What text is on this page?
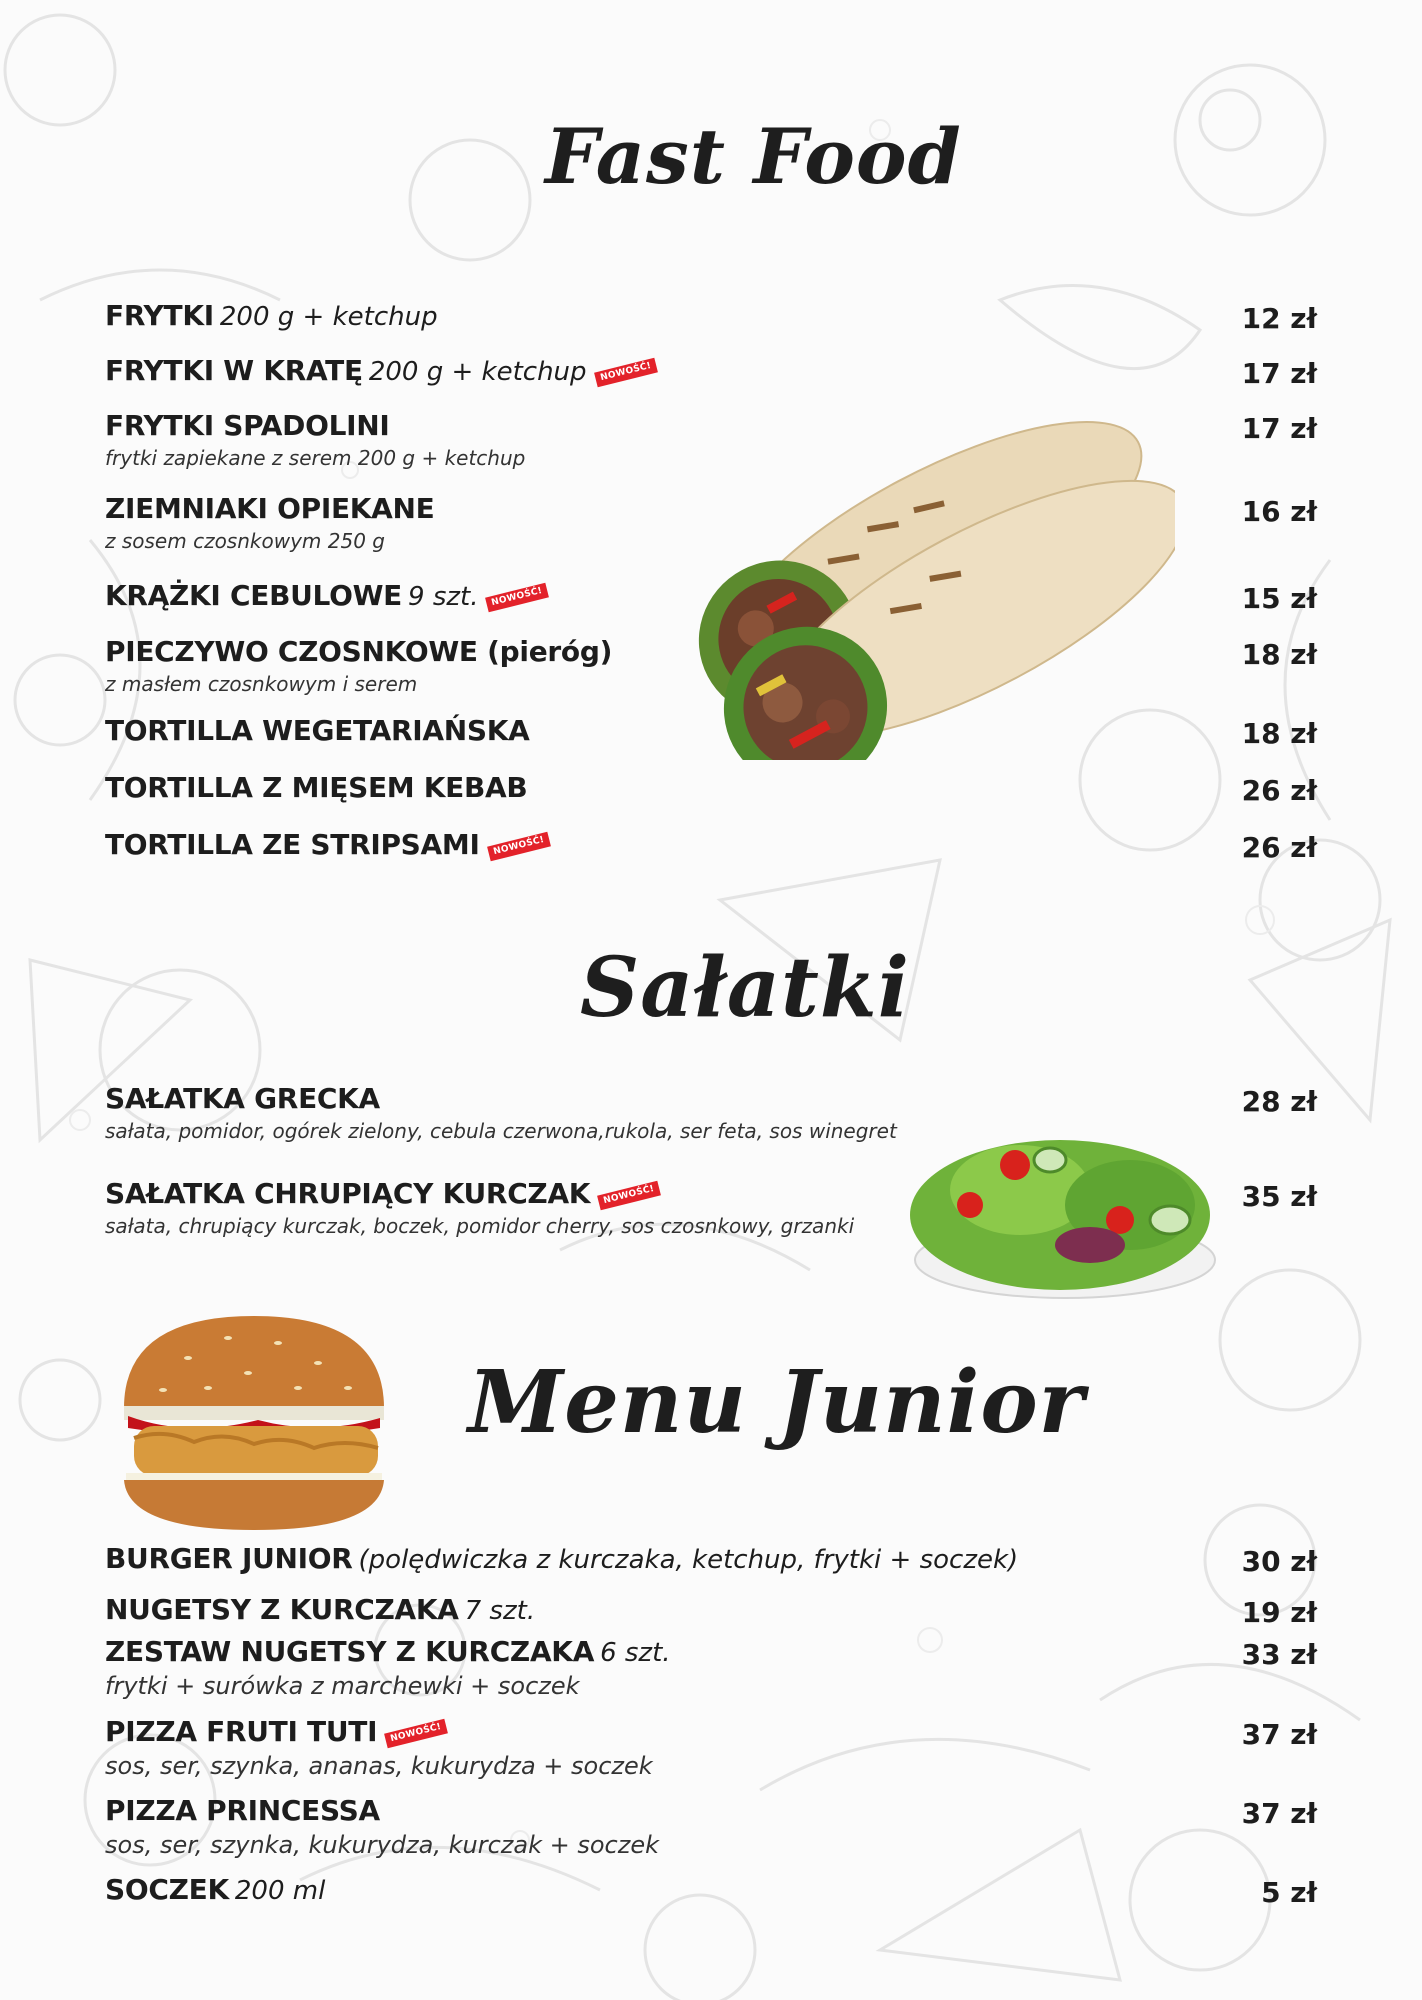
Fast Food
Sałatki
Menu Junior
FRYTKI 200 g + ketchup	12 zł
FRYTKI W KRATĘ 200 g + ketchup NOWOŚĆ!	17 zł
FRYTKI SPADOLINI
frytki zapiekane z serem 200 g + ketchup
17 zł
ZIEMNIAKI OPIEKANE
z sosem czosnkowym 250 g
16 zł
KRĄŻKI CEBULOWE 9 szt. NOWOŚĆ!	15 zł
PIECZYWO CZOSNKOWE (pieróg)
z masłem czosnkowym i serem
18 zł
TORTILLA WEGETARIAŃSKA	18 zł
TORTILLA Z MIĘSEM KEBAB	26 zł
TORTILLA ZE STRIPSAMI NOWOŚĆ!	26 zł
SAŁATKA GRECKA
sałata, pomidor, ogórek zielony, cebula czerwona,rukola, ser feta, sos winegret
28 zł
SAŁATKA CHRUPIĄCY KURCZAK NOWOŚĆ!
sałata, chrupiący kurczak, boczek, pomidor cherry, sos czosnkowy, grzanki
35 zł
BURGER JUNIOR (polędwiczka z kurczaka, ketchup, frytki + soczek)	30 zł
NUGETSY Z KURCZAKA 7 szt.	19 zł
ZESTAW NUGETSY Z KURCZAKA 6 szt.
frytki + surówka z marchewki + soczek
33 zł
PIZZA FRUTI TUTI NOWOŚĆ!
sos, ser, szynka, ananas, kukurydza + soczek
37 zł
PIZZA PRINCESSA
sos, ser, szynka, kukurydza, kurczak + soczek
37 zł
SOCZEK 200 ml	5 zł
